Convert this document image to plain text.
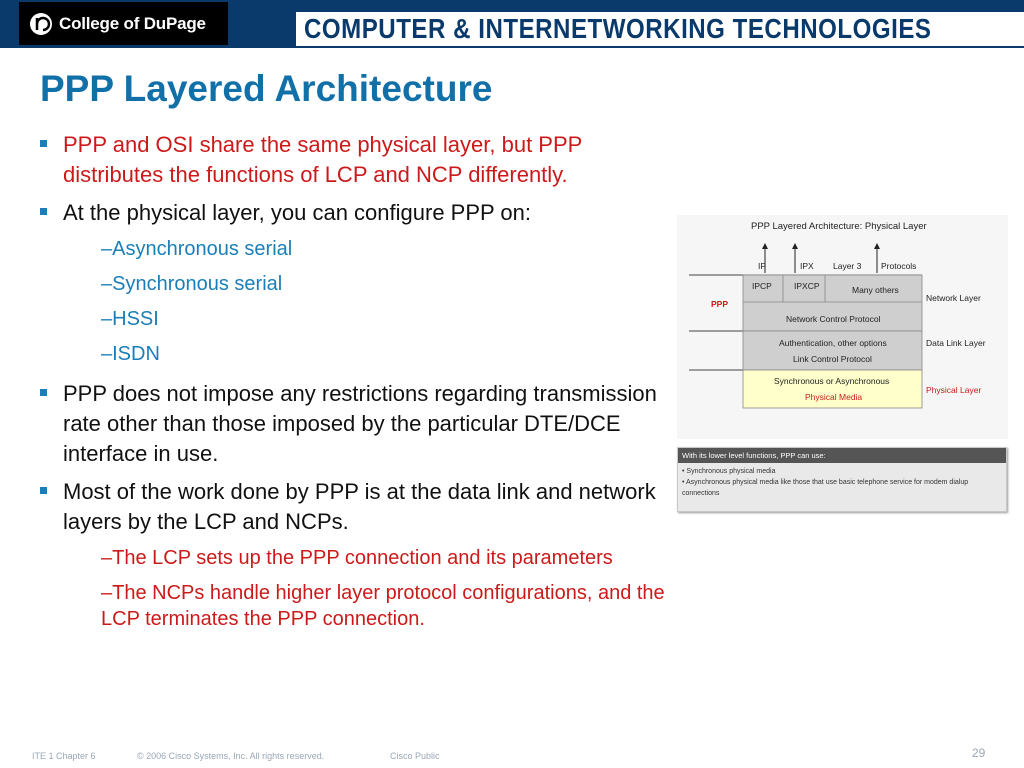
College of DuPage	COMPUTER & INTERNETWORKING TECHNOLOGIES
PPP Layered Architecture
PPP and OSI share the same physical layer, but PPP distributes the functions of LCP and NCP differently.
At the physical layer, you can configure PPP on:
–Asynchronous serial
–Synchronous serial
–HSSI
–ISDN
PPP does not impose any restrictions regarding transmission rate other than those imposed by the particular DTE/DCE interface in use.
Most of the work done by PPP is at the data link and network layers by the LCP and NCPs.
–The LCP sets up the PPP connection and its parameters
–The NCPs handle higher layer protocol configurations, and the LCP terminates the PPP connection.
PPP Layered Architecture: Physical Layer
IP	IPX Layer 3 Protocols
IPCP	IPXCP	Many others
Network Control Protocol
Authentication, other options
Link Control Protocol
Synchronous or Asynchronous
Physical Media
PPP
Network Layer
Data Link Layer
Physical Layer
With its lower level functions, PPP can use:
• Synchronous physical media
• Asynchronous physical media like those that use basic telephone service for modem dialup connections
ITE 1 Chapter 6	© 2006 Cisco Systems, Inc. All rights reserved.	Cisco Public	29
